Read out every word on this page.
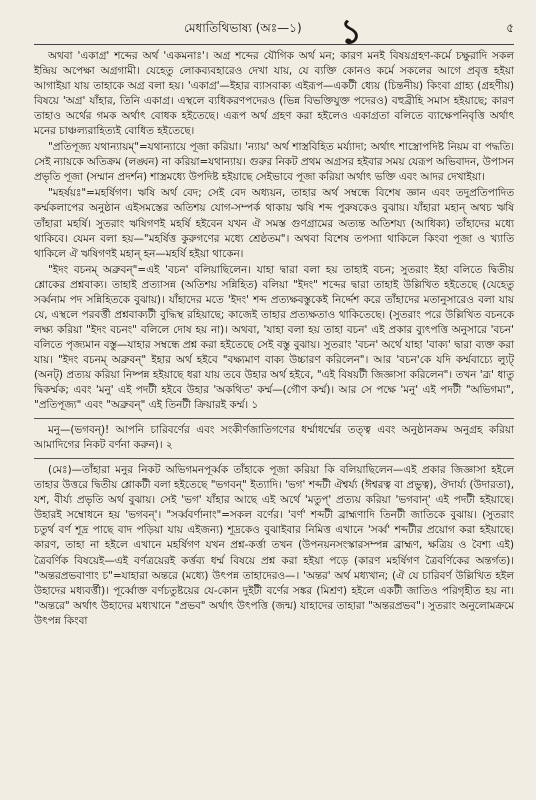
মেধাতিথিভাষ্য (অঃ—১) ১	৫

অথবা 'একাগ্র' শব্দের অর্থ 'একমনাঃ'। অগ্র শব্দের যৌগিক অর্থ মন; কারণ মনই বিষয়গ্রহণ-কর্মে চক্ষুরাদি সকল ইন্দ্রিয় অপেক্ষা অগ্রগামী। যেহেতু লোকব্যবহারেও দেখা যায়, যে ব্যক্তি কোনও কর্মে সকলের আগে প্রবৃত্ত হইয়া আগাইয়া যায় তাহাকে অগ্র বলা হয়। 'একাগ্র'—ইহার ব্যাসবাক্য এইরূপ—একটী ধ্যেয় (চিন্তনীয়) কিংবা গ্রাহ্য (গ্রহণীয়) বিষয়ে 'অগ্র' যাঁহার, তিনি একাগ্র। এস্থলে ব্যধিকরণপদেরও (ভিন্ন বিভক্তিযুক্ত পদেরও) বহুব্রীহি সমাস হইয়াছে; কারণ তাহাও অর্থের গমক অর্থাৎ বোধক হইতেছে। এরূপ অর্থ গ্রহণ করা হইলেও একাগ্রতা বলিতে ব্যাক্ষেপনিবৃত্তি অর্থাৎ মনের চাঞ্চল্যরাহিত্যই বোধিত হইতেছে।

"প্রতিপূজ্য যথান্যায়ম্"=যথান্যায়ে পূজা করিয়া। 'ন্যায়' অর্থ শাস্ত্রবিহিত মর্য্যাদা; অর্থাৎ শাস্ত্রোপদিষ্ট নিয়ম বা পদ্ধতি। সেই ন্যায়কে অতিক্রম (লঙ্ঘন) না করিয়া=যথান্যায়। গুরুর নিকট প্রথম অগ্রসর হইবার সময় যেরূপ অভিবাদন, উপাসন প্রভৃতি পূজা (সম্মান প্রদর্শন) শাস্ত্রমধ্যে উপদিষ্ট হইয়াছে সেইভাবে পূজা করিয়া অর্থাৎ ভক্তি এবং আদর দেখাইয়া।

"মহর্ষয়ঃ"=মহর্ষিগণ। ঋষি অর্থ বেদ; সেই বেদ অধ্যয়ন, তাহার অর্থ সম্বন্ধে বিশেষ জ্ঞান এবং তদুপ্রতিপাদিত কর্ম্মকলাপের অনুষ্ঠান এইসমস্তের অতিশয় যোগ-সম্পর্ক থাকায় ঋষি শব্দ পুরুষকেও বুঝায়। যাঁহারা মহান্ অথচ ঋষি তাঁহারা মহর্ষি। সুতরাং ঋষিগণই মহর্ষি হইবেন যখন ঐ সমস্ত গুণগ্রামের অত্যন্ত অতিশয্য (আধিক্য) তাঁহাদের মধ্যে থাকিবে। যেমন বলা হয়—"মহর্ষিত্ত কুরুগণের মধ্যে শ্রেষ্ঠতম"। অথবা বিশেষ তপস্যা থাকিলে কিংবা পূজা ও খ্যাতি থাকিলে ঐ ঋষিগণই মহান্ হন—মহর্ষি হইয়া থাকেন।

"ইদং বচনম্ অব্রুবন্"=এই 'বচন' বলিয়াছিলেন। যাহা দ্বারা বলা হয় তাহাই বচন; সুতরাং ইহা বলিতে দ্বিতীয় শ্লোকের প্রশ্নবাক্য। তাহাই প্রত্যাসন্ন (অতিশয় সন্নিহিত) বলিয়া "ইদং" শব্দের দ্বারা তাহাই উল্লিখিত হইতেছে (যেহেতু সর্ব্বনাম পদ সন্নিহিতকে বুঝায়)। যাঁহাদের মতে 'ইদং' শব্দ প্রত্যক্ষবস্তুকেই নির্দ্দেশ করে তাঁহাদের মতানুসারেও বলা যায় যে, এস্থলে পরবর্ত্তী প্রশ্নবাক্যটী বুদ্ধিস্থ রহিয়াছে; কাজেই তাহার প্রত্যক্ষতাও থাকিতেছে। (সুতরাং পরে উল্লিখিত বচনকে লক্ষ্য করিয়া "ইদং বচনং" বলিলে দোষ হয় না)। অথবা, 'যাহা বলা হয় তাহা বচন' এই প্রকার ব্যুৎপত্তি অনুসারে 'বচন' বলিতে পৃজ্যমান বস্তু—যাহার সম্বন্ধে প্রশ্ন করা হইতেছে সেই বস্তু বুঝায়। সুতরাং 'বচন' অর্থে যাহা 'বাক্য' দ্বারা ব্যক্ত করা যায়। "ইদং বচনম্ অব্রুবন্" ইহার অর্থ হইবে "বক্ষ্যমাণ বাক্য উচ্চারণ করিলেন"। আর 'বচন'কে যদি কর্ম্মবাচ্যে ল্যুট্ (অনট্) প্রত্যয় করিয়া নিষ্পন্ন হইয়াছে ধরা যায় তবে উহার অর্থ হইবে, "এই বিষয়টী জিজ্ঞাসা করিলেন"। তখন 'ব্রূ' ধাতু দ্বিকর্ম্মক; এবং 'মনু' এই পদটী হইবে উহার 'অকথিত' কর্ম্ম—(গৌণ কর্ম্ম)। আর সে পক্ষে 'মনু' এই পদটী "অভিগম্য", "প্রতিপূজ্য" এবং "অব্রুবন্" এই তিনটী ক্রিয়ারই কর্ম্ম। ১

মনু—(ভগবন্)! আপনি চারিবর্ণের এবং সংকীর্ণজাতিগণের ধর্ম্মাধর্ম্মের তত্ত্ব এবং অনুষ্ঠানক্রম অনুগ্রহ করিয়া আমাদিগের নিকট বর্ণনা করুন)। ২

(মেঃ)—তাঁহারা মনুর নিকট অভিগমনপূর্ব্বক তাঁহাকে পূজা করিয়া কি বলিয়াছিলেন—এই প্রকার জিজ্ঞাসা হইলে তাহার উত্তরে দ্বিতীয় শ্লোকটী বলা হইতেছে "ভগবন্" ইত্যাদি। 'ভগ' শব্দটী ঐশ্বর্য্য (ঈশ্বরত্ব বা প্রভুত্ব), ঔদার্য্য (উদারতা), যশ, বীর্য্য প্রভৃতি অর্থ বুঝায়। সেই 'ভগ' যাঁহার আছে এই অর্থে 'মতুপ্' প্রত্যয় করিয়া 'ভগবান্' এই পদটী হইয়াছে। উহারই সম্বোধনে হয় 'ভগবন্'। "সর্ব্ববর্ণানাং"=সকল বর্ণের। 'বর্ণ' শব্দটী ব্রাহ্মণাদি তিনটী জাতিকে বুঝায়। (সুতরাং চতুর্থ বর্ণ শূদ্র পাছে বাদ পড়িয়া যায় এইজন্য) শূদ্রকেও বুঝাইবার নিমিত্ত এখানে 'সর্ব্ব' শব্দটীর প্রয়োগ করা হইয়াছে। কারণ, তাহা না হইলে এখানে মহর্ষিগণ যখন প্রশ্ন-কর্ত্তা তখন (উপনয়নসংস্কারসম্পন্ন ব্রাহ্মণ, ক্ষত্রিয় ও বৈশ্য এই) ত্রৈবর্ণিক বিষয়েই—এই বর্ণত্রয়েরই কর্ত্তব্য ধর্ম্ম বিষয়ে প্রশ্ন করা হইয়া পড়ে (কারণ মহর্ষিগণ ত্রৈবর্ণিকের অন্তর্গত)। "অন্তরপ্রভবাণাং চ"=যাহারা অন্তরে (মধ্যে) উৎপন্ন তাহাদেরও—। 'অন্তর' অর্থ মধ্যখান; (ঐ যে চারিবর্ণ উল্লিখিত হইল উহাদের মধ্যবর্ত্তী)। পূর্ব্বোক্ত বর্ণচতুষ্টয়ের যে-কোন দুইটী বর্ণের সঙ্কর (মিশ্রণ) হইলে একটী জাতিও পরিগৃহীত হয় না। "অন্তরে" অর্থাৎ উহাদের মধ্যখানে "প্রভব" অর্থাৎ উৎপত্তি (জন্ম) যাহাদের তাহারা "অন্তরপ্রভব"। সুতরাং অনুলোমক্রমে উৎপন্ন কিংবা
